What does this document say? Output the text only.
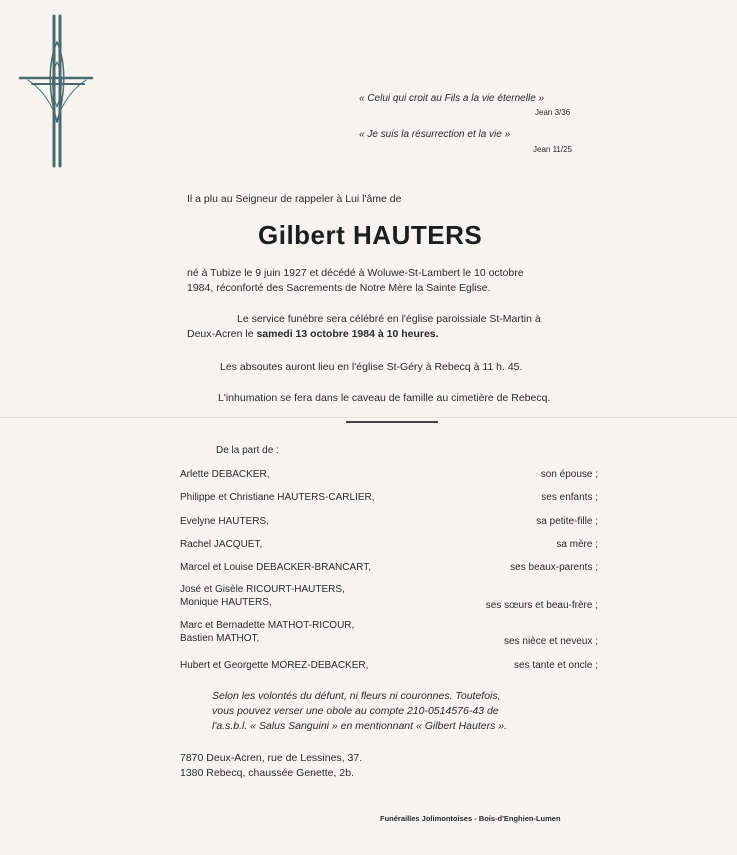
« Celui qui croit au Fils a la vie éternelle »
Jean 3/36
« Je suis la résurrection et la vie »
Jean 11/25
Il a plu au Seigneur de rappeler à Lui l'âme de
Gilbert HAUTERS
né à Tubize le 9 juin 1927 et décédé à Woluwe-St-Lambert le 10 octobre
1984, réconforté des Sacrements de Notre Mère la Sainte Eglise.
Le service funèbre sera célébré en l'église paroissiale St-Martin à
Deux-Acren le samedi 13 octobre 1984 à 10 heures.
Les absoutes auront lieu en l'église St-Géry à Rebecq à 11 h. 45.
L'inhumation se fera dans le caveau de famille au cimetière de Rebecq.
De la part de :
Arlette DEBACKER,	son épouse ;
Philippe et Christiane HAUTERS-CARLIER,	ses enfants ;
Evelyne HAUTERS,	sa petite-fille ;
Rachel JACQUET,	sa mère ;
Marcel et Louise DEBACKER-BRANCART,	ses beaux-parents ;
José et Gisèle RICOURT-HAUTERS,
Monique HAUTERS,	ses sœurs et beau-frère ;
Marc et Bernadette MATHOT-RICOUR,
Bastien MATHOT,	ses nièce et neveux ;
Hubert et Georgette MOREZ-DEBACKER,	ses tante et oncle ;
Selon les volontés du défunt, ni fleurs ni couronnes. Toutefois,
vous pouvez verser une obole au compte 210-0514576-43 de
l'a.s.b.l. « Salus Sanguini » en mentionnant « Gilbert Hauters ».
7870 Deux-Acren, rue de Lessines, 37.
1380 Rebecq, chaussée Genette, 2b.
Funérailles Jolimontoises - Bois-d'Enghien-Lumen
